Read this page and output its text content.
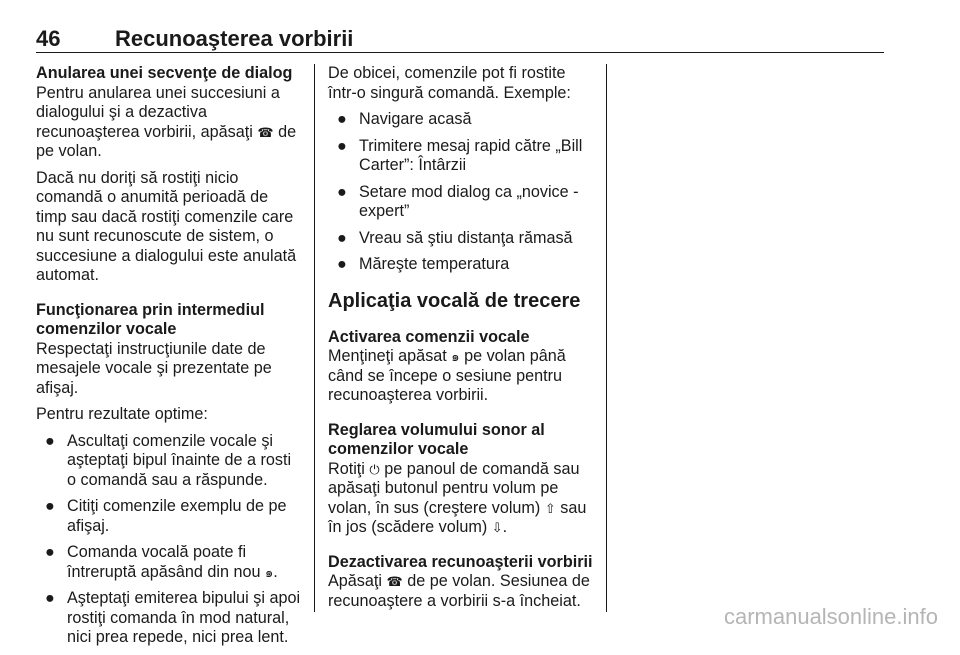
46 Recunoaşterea vorbirii

Anularea unei secvenţe de dialog

Pentru anularea unei succesiuni a dialogului şi a dezactiva recunoaşterea vorbirii, apăsaţi ☎ de pe volan.

Dacă nu doriţi să rostiţi nicio comandă o anumită perioadă de timp sau dacă rostiţi comenzile care nu sunt recunoscute de sistem, o succesiune a dialogului este anulată automat.

Funcţionarea prin intermediul comenzilor vocale

Respectaţi instrucţiunile date de mesajele vocale şi prezentate pe afişaj.

Pentru rezultate optime:

● Ascultaţi comenzile vocale şi aşteptaţi bipul înainte de a rosti o comandă sau a răspunde.
● Citiţi comenzile exemplu de pe afişaj.
● Comanda vocală poate fi întreruptă apăsând din nou ๑.
● Aşteptaţi emiterea bipului şi apoi rostiţi comanda în mod natural, nici prea repede, nici prea lent.

De obicei, comenzile pot fi rostite într-o singură comandă. Exemple:

● Navigare acasă
● Trimitere mesaj rapid către „Bill Carter”: Întârzii
● Setare mod dialog ca „novice - expert”
● Vreau să ştiu distanţa rămasă
● Măreşte temperatura

Aplicaţia vocală de trecere

Activarea comenzii vocale

Menţineţi apăsat ๑ pe volan până când se începe o sesiune pentru recunoaşterea vorbirii.

Reglarea volumului sonor al comenzilor vocale

Rotiţi ⏻ pe panoul de comandă sau apăsaţi butonul pentru volum pe volan, în sus (creştere volum) ⇧ sau în jos (scădere volum) ⇩.

Dezactivarea recunoaşterii vorbirii

Apăsaţi ☎ de pe volan. Sesiunea de recunoaştere a vorbirii s-a încheiat.

carmanualsonline.info
